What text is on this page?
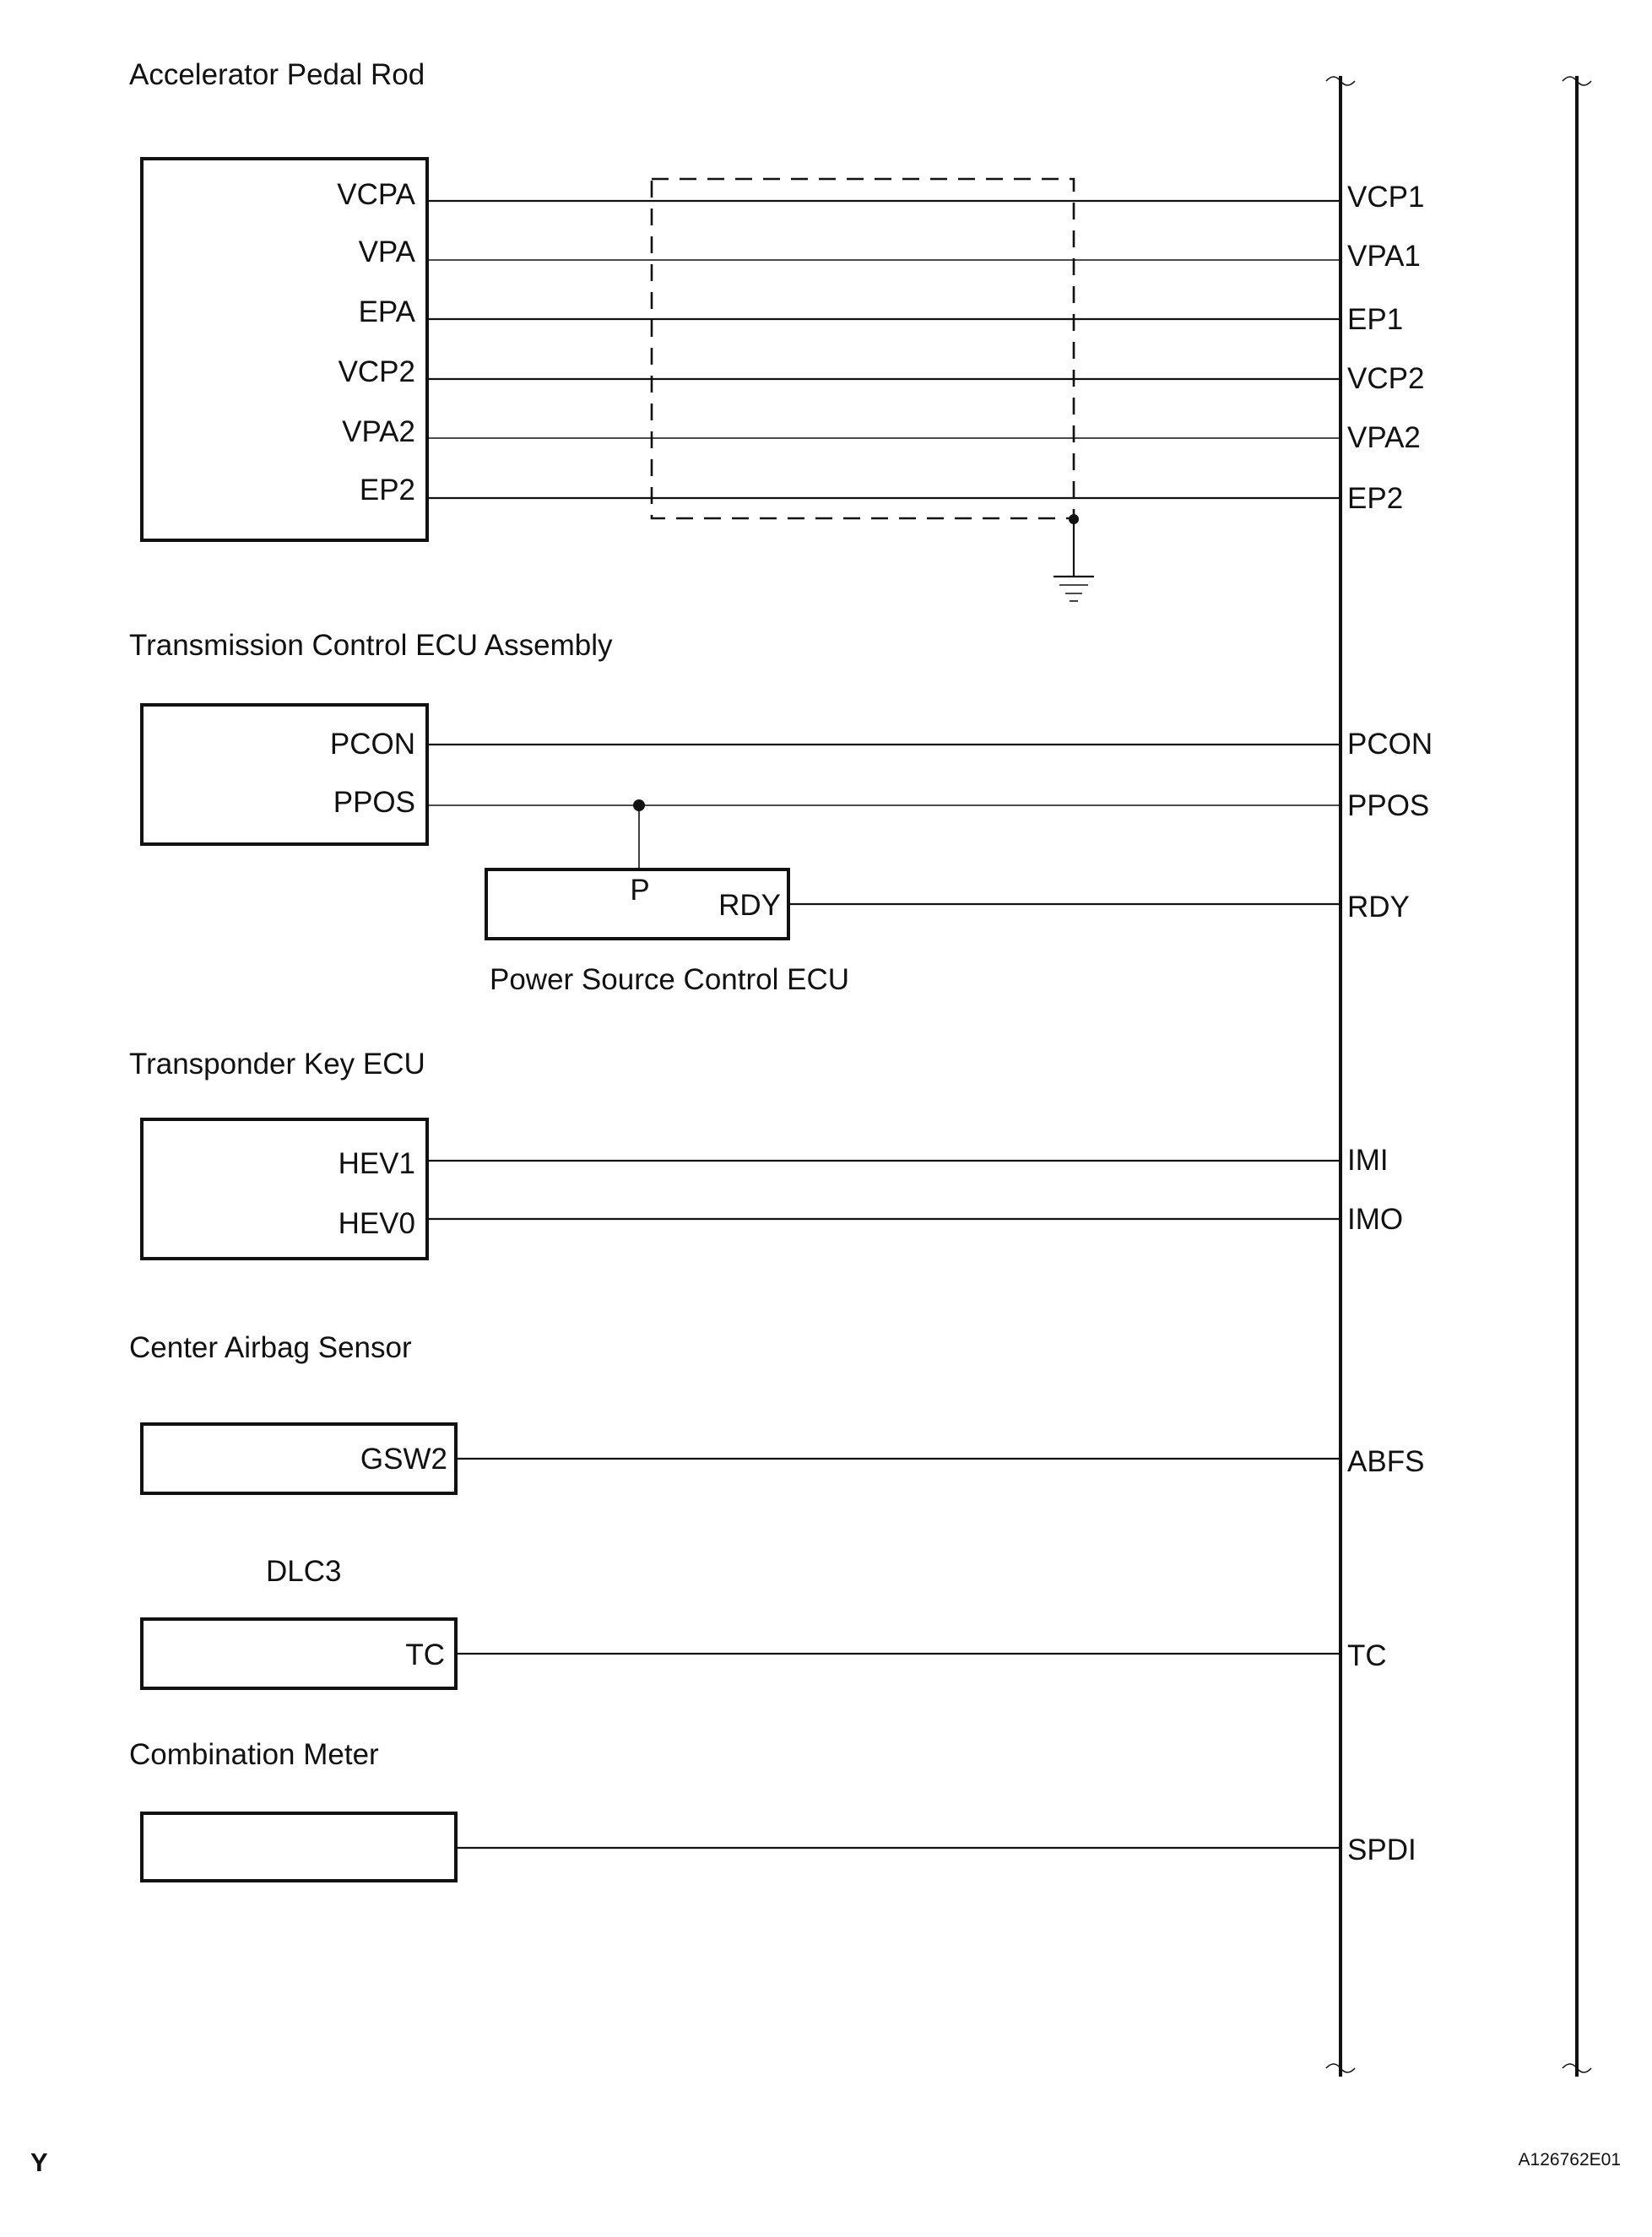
Accelerator Pedal Rod
VCPA
VPA
EPA
VCP2
VPA2
EP2
VCP1
VPA1
EP1
VCP2
VPA2
EP2
Transmission Control ECU Assembly
PCON
PPOS
PCON
PPOS
P RDY	RDY
Power Source Control ECU
Transponder Key ECU
HEV1
HEV0
IMI
IMO
Center Airbag Sensor
GSW2	ABFS
DLC3
TC	TC
Combination Meter
SPDI
Y	A126762E01
